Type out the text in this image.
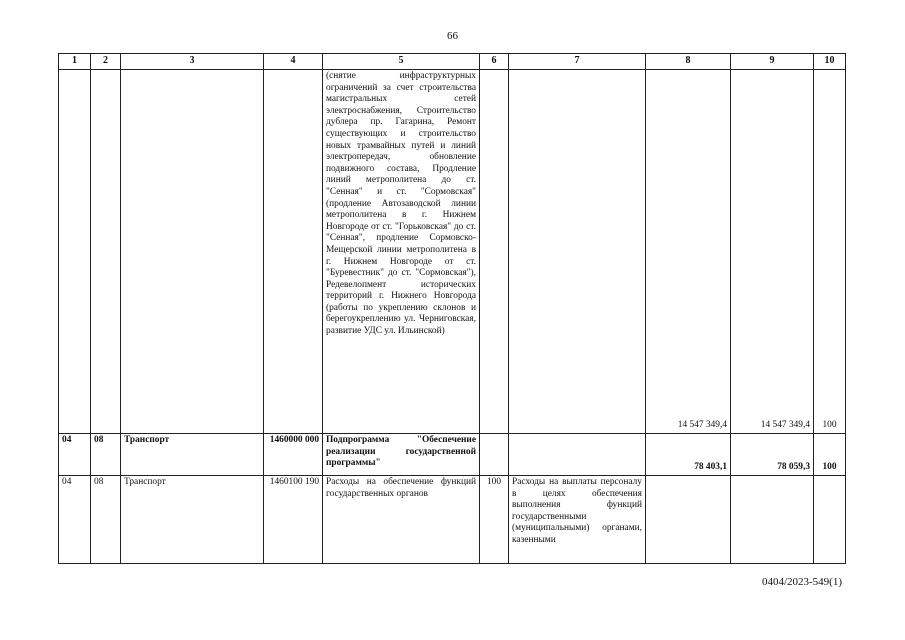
66
1	2	3	4	5	6	7	8	9	10
				(снятие инфраструктурных ограничений за счет строительства магистральных сетей электроснабжения, Строительство дублера пр. Гагарина, Ремонт существующих и строительство новых трамвайных путей и линий электропередач, обновление подвижного состава, Продление линий метрополитена до ст. "Сенная" и ст. "Сормовская" (продление Автозаводской линии метрополитена в г. Нижнем Новгороде от ст. "Горьковская" до ст. "Сенная", продление Сормовско-Мещерской линии метрополитена в г. Нижнем Новгороде от ст. "Буревестник" до ст. "Сормовская"), Редевелопмент исторических территорий г. Нижнего Новгорода (работы по укреплению склонов и берегоукреплению ул. Черниговская, развитие УДС ул. Ильинской)			14 547 349,4	14 547 349,4	100
04	08	Транспорт	1460000 000	Подпрограмма "Обеспечение реализации государственной программы"			78 403,1	78 059,3	100
04	08	Транспорт	1460100 190	Расходы на обеспечение функций государственных органов	100	Расходы на выплаты персоналу в целях обеспечения выполнения функций государственными (муниципальными) органами, казенными			
0404/2023-549(1)
